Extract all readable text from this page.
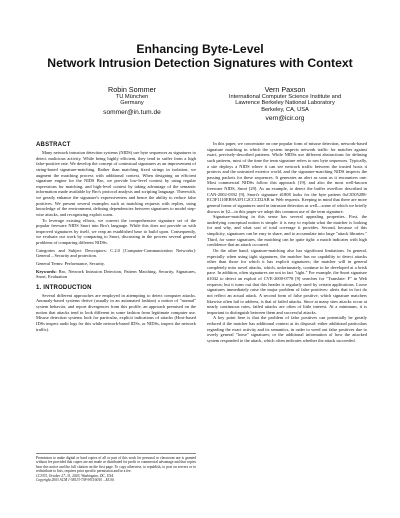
Enhancing Byte-Level
Network Intrusion Detection Signatures with Context
Robin Sommer
TU München
Germany
sommer@in.tum.de
Vern Paxson
International Computer Science Institute and
Lawrence Berkeley National Laboratory
Berkeley, CA, USA
vern@icir.org
ABSTRACT

Many network intrusion detection systems (NIDS) use byte sequences as signatures to detect malicious activity. While being highly efficient, they tend to suffer from a high false-positive rate. We develop the concept of contextual signatures as an improvement of string-based signature-matching. Rather than matching fixed strings in isolation, we augment the matching process with additional context. When designing an efficient signature engine for the NIDS Bro, we provide low-level context by using regular expressions for matching, and high-level context by taking advantage of the semantic information made available by Bro's protocol analysis and scripting language. Therewith, we greatly enhance the signature's expressiveness and hence the ability to reduce false positives. We present several examples such as matching requests with replies, using knowledge of the environment, defining dependencies between signatures to model step-wise attacks, and recognizing exploit scans.

To leverage existing efforts, we convert the comprehensive signature set of the popular freeware NIDS Snort into Bro's language. While this does not provide us with improved signatures by itself, we reap an established base to build upon. Consequently, we evaluate our work by comparing to Snort, discussing in the process several general problems of comparing different NIDSs.

Categories and Subject Descriptors: C.2.0 [Computer-Communication Networks]: General – Security and protection.

General Terms: Performance, Security.

Keywords: Bro, Network Intrusion Detection, Pattern Matching, Security, Signatures, Snort, Evaluation

1. INTRODUCTION

Several different approaches are employed in attempting to detect computer attacks. Anomaly-based systems derive (usually in an automated fashion) a notion of "normal" system behavior, and report divergences from this profile, an approach premised on the notion that attacks tend to look different in some fashion from legitimate computer use. Misuse detection systems look for particular, explicit indications of attacks (Host-based IDSs inspect audit logs for this while network-based IDSs, or NIDSs, inspect the network traffic).

Permission to make digital or hard copies of all or part of this work for personal or classroom use is granted without fee provided that copies are not made or distributed for profit or commercial advantage and that copies bear this notice and the full citation on the first page. To copy otherwise, to republish, to post on servers or to redistribute to lists, requires prior specific permission and/or a fee.
CCS'03, October 27–31, 2003, Washington, DC, USA.
Copyright 2003 ACM 1-58113-738-9/03/0010 ...$5.00.

In this paper, we concentrate on one popular form of misuse detection, network-based signature matching in which the system inspects network traffic for matches against exact, precisely-described patterns. While NIDSs use different abstractions for defining such patterns, most of the time the term signature refers to raw byte sequences. Typically, a site deploys a NIDS where it can see network traffic between the trusted hosts it protects and the untrusted exterior world, and the signature-matching NIDS inspects the passing packets for these sequences. It generates an alert as soon as it encounters one. Most commercial NIDSs follow this approach [19], and also the most well-known freeware NIDS, Snort [29]. As an example, to detect the buffer overflow described in CAN-2002-0392 [9], Snort's signature #1808 looks for the byte pattern 0xC0505288-EC3F1110EB9A3F1C2CCCD2AB in Web requests. Keeping in mind that there are more general forms of signatures used in intrusion detection as well—some of which we briefly discuss in §2—in this paper we adopt this common use of the term signature.

Signature-matching in this sense has several appealing properties. First, the underlying conceptual notion is simple: it is easy to explain what the matcher is looking for and why, and what sort of total coverage it provides. Second, because of this simplicity, signatures can be easy to share, and to accumulate into large "attack libraries." Third, for some signatures, the matching can be quite tight: a match indicates with high confidence that an attack occurred.

On the other hand, signature-matching also has significant limitations. In general, especially when using tight signatures, the matcher has no capability to detect attacks other than those for which it has explicit signatures; the matcher will in general completely miss novel attacks, which, unfortunately, continue to be developed at a brisk pace. In addition, often signatures are not in fact "tight." For example, the Snort signature #1042 to detect an exploit of CVE-2000-0778 [9] searches for "Translate: F" in Web requests; but it turns out that this header is regularly used by certain applications. Loose signatures immediately raise the major problem of false positives: alerts that in fact do not reflect an actual attack. A second form of false positive, which signature matchers likewise often fail to address, is that of failed attacks. Since at many sites attacks occur at nearly continuous rates, failed attacks are often of little interest. At a minimum, it is important to distinguish between them and successful attacks.

A key point here is that the problem of false positives can potentially be greatly reduced if the matcher has additional context at its disposal: either additional particulars regarding the exact activity and its semantics, in order to weed out false positives due to overly general "loose" signatures; or the additional information of how the attacked system responded to the attack, which often indicates whether the attack succeeded.
